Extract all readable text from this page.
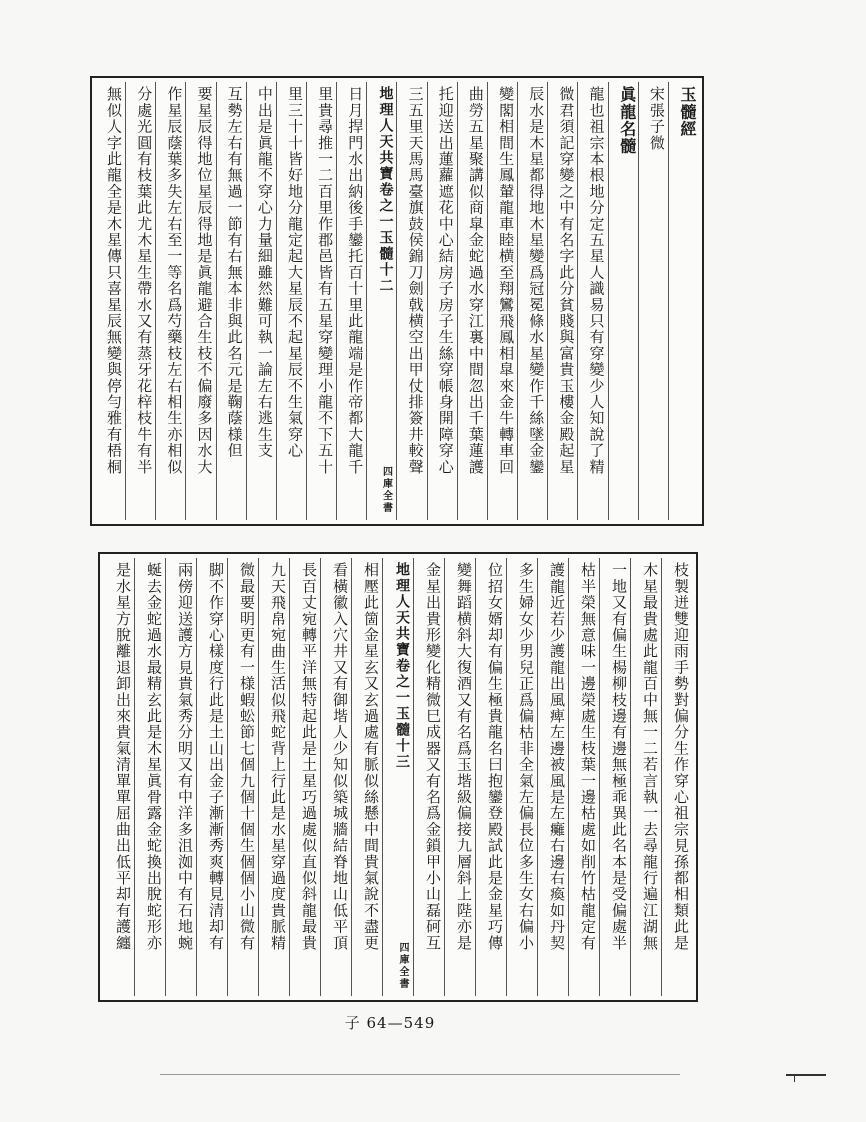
玉髓經
宋張子微
眞龍名髓
龍也祖宗本根地分定五星人識易只有穿變少人知說了精
微君須記穿變之中有名字此分貧賤與富貴玉樓金殿起星
辰水是木星都得地木星變爲冠冕條水星變作千絲墜金鑾
變閣相間生鳳輦龍車睦横至翔鸞飛鳳相皐來金牛轉車回
曲勞五星聚講似商皐金蛇過水穿江裏中間忽出千葉蓮護
托迎送出蓮蘿遮花中心結房子房子生絲穿帳身開障穿心
三五里天馬馬臺旗鼓侯錦刀劍戟横空出甲仗排簽井較聲
地理人天共寶卷之一玉髓十二
四庫全書
日月捍門水出納後手鑾托百十里此龍端是作帝都大龍千
里貴尋推一二百里作郡邑皆有五星穿變理小龍不下五十
里三十十皆好地分龍定起大星辰不起星辰不生氣穿心
中出是眞龍不穿心力量細雖然難可執一論左右逃生支
互勢左右有無過一節有右無本非與此名元是鞠蔭様但
要星辰得地位星辰得地是眞龍避合生枝不偏廢多因水大
作星辰蔭葉多失左右至一等名爲芍藥枝左右相生亦相似
分處光圓有枝葉此尤木星生帶水又有蒸牙花梓枝牛有半
無似人字此龍全是木星傳只喜星辰無變與停勻雅有梧桐
枝製迸雙迎雨手勢對偏分生作穿心祖宗見孫都相類此是
木星最貴處此龍百中無一二若言執一去尋龍行遍江湖無
一地又有偏生楊柳枝邊有邊無極乖異此名本是受偏處半
枯半榮無意味一邊榮處生枝葉一邊枯處如削竹枯龍定有
護龍近若少護龍出風痺左邊被風是左癱右邊右瘓如丹契
多生婦女少男兒正爲偏枯非全氣左偏長位多生女右偏小
位招女婿却有偏生極貴龍名曰抱鑾登殿試此是金星巧傳
變舞蹈横斜大復酒又有名爲玉堦級偏接九層斜上陛亦是
金星出貴形變化精微巳成器又有名爲金鎖甲小山磊砢互
地理人天共寶卷之一玉髓十三
四庫全書
相壓此箇金星玄又玄過處有脈似絲懸中間貴氣說不盡更
看橫徽入穴井又有御堦人少知似築城牆結脊地山低平頂
長百丈宛轉平洋無特起此是土星巧過處似直似斜龍最貴
九天飛帛宛曲生活似飛蛇背上行此是水星穿過度貴脈精
微最要明更有一様蝦蚣節七個九個十個生個個小山微有
脚不作穿心樣度行此是土山出金子漸漸秀爽轉見清却有
兩傍迎送護方見貴氣秀分明又有中洋多沮洳中有石地蜿
蜒去金蛇過水最精玄此是木星眞骨露金蛇換出脫蛇形亦
是水星方脫離退卸出來貴氣清單單屈曲出低平却有護纏
子 64—549
